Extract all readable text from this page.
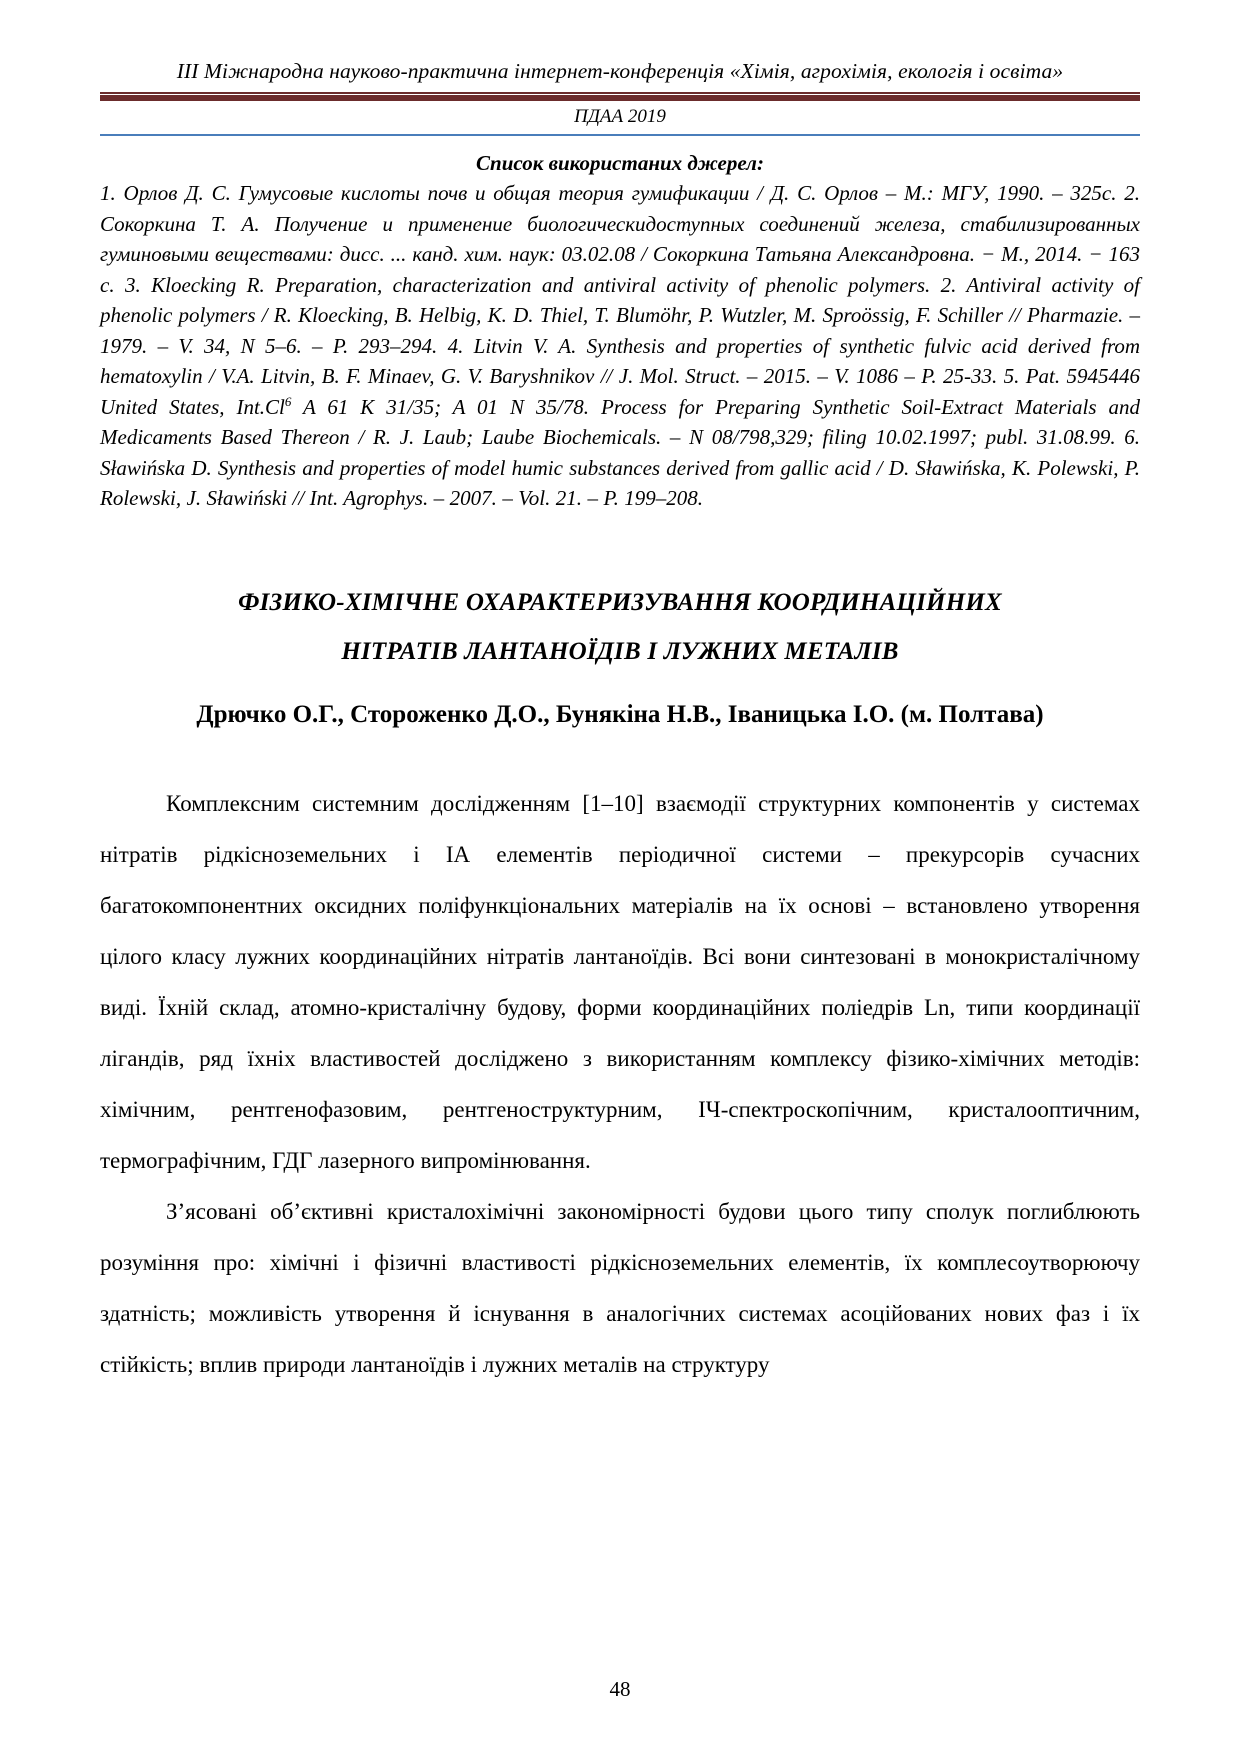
III Міжнародна науково-практична інтернет-конференція «Хімія, агрохімія, екологія і освіта»
ПДАА 2019
Список використаних джерел:
1. Орлов Д. С. Гумусовые кислоты почв и общая теория гумификации / Д. С. Орлов – М.: МГУ, 1990. – 325с. 2. Сокоркина Т. А. Получение и применение биологическидоступных соединений железа, стабилизированных гуминовыми веществами: дисс. ... канд. хим. наук: 03.02.08 / Сокоркина Татьяна Александровна. − М., 2014. − 163 с. 3. Kloecking R. Preparation, characterization and antiviral activity of phenolic polymers. 2. Antiviral activity of phenolic polymers / R. Kloecking, B. Helbig, K. D. Thiel, T. Blumöhr, P. Wutzler, M. Sproössig, F. Schiller // Pharmazie. – 1979. – V. 34, N 5–6. – P. 293–294. 4. Litvin V. A. Synthesis and properties of synthetic fulvic acid derived from hematoxylin / V.A. Litvin, B. F. Minaev, G. V. Baryshnikov // J. Mol. Struct. – 2015. – V. 1086 – P. 25-33. 5. Pat. 5945446 United States, Int.Cl$^6$ A 61 K 31/35; A 01 N 35/78. Process for Preparing Synthetic Soil-Extract Materials and Medicaments Based Thereon / R. J. Laub; Laube Biochemicals. – N 08/798,329; filing 10.02.1997; publ. 31.08.99. 6. Sławińska D. Synthesis and properties of model humic substances derived from gallic acid / D. Sławińska, K. Polewski, P. Rolewski, J. Sławiński // Int. Agrophys. – 2007. – Vol. 21. – P. 199–208.
ФІЗИКО-ХІМІЧНЕ ОХАРАКТЕРИЗУВАННЯ КООРДИНАЦІЙНИХ
НІТРАТІВ ЛАНТАНОЇДІВ І ЛУЖНИХ МЕТАЛІВ
Дрючко О.Г., Стороженко Д.О., Бунякіна Н.В., Іваницька І.О. (м. Полтава)

Комплексним системним дослідженням [1–10] взаємодії структурних компонентів у системах нітратів рідкісноземельних і ІА елементів періодичної системи – прекурсорів сучасних багатокомпонентних оксидних поліфункціональних матеріалів на їх основі – встановлено утворення цілого класу лужних координаційних нітратів лантаноїдів. Всі вони синтезовані в монокристалічному виді. Їхній склад, атомно-кристалічну будову, форми координаційних поліедрів Ln, типи координації лігандів, ряд їхніх властивостей досліджено з використанням комплексу фізико-хімічних методів: хімічним, рентгенофазовим, рентгеноструктурним, ІЧ-спектроскопічним, кристалооптичним, термографічним, ГДГ лазерного випромінювання.

З’ясовані об’єктивні кристалохімічні закономірності будови цього типу сполук поглиблюють розуміння про: хімічні і фізичні властивості рідкісноземельних елементів, їх комплесоутворюючу здатність; можливість утворення й існування в аналогічних системах асоційованих нових фаз і їх стійкість; вплив природи лантаноїдів і лужних металів на структуру

48
